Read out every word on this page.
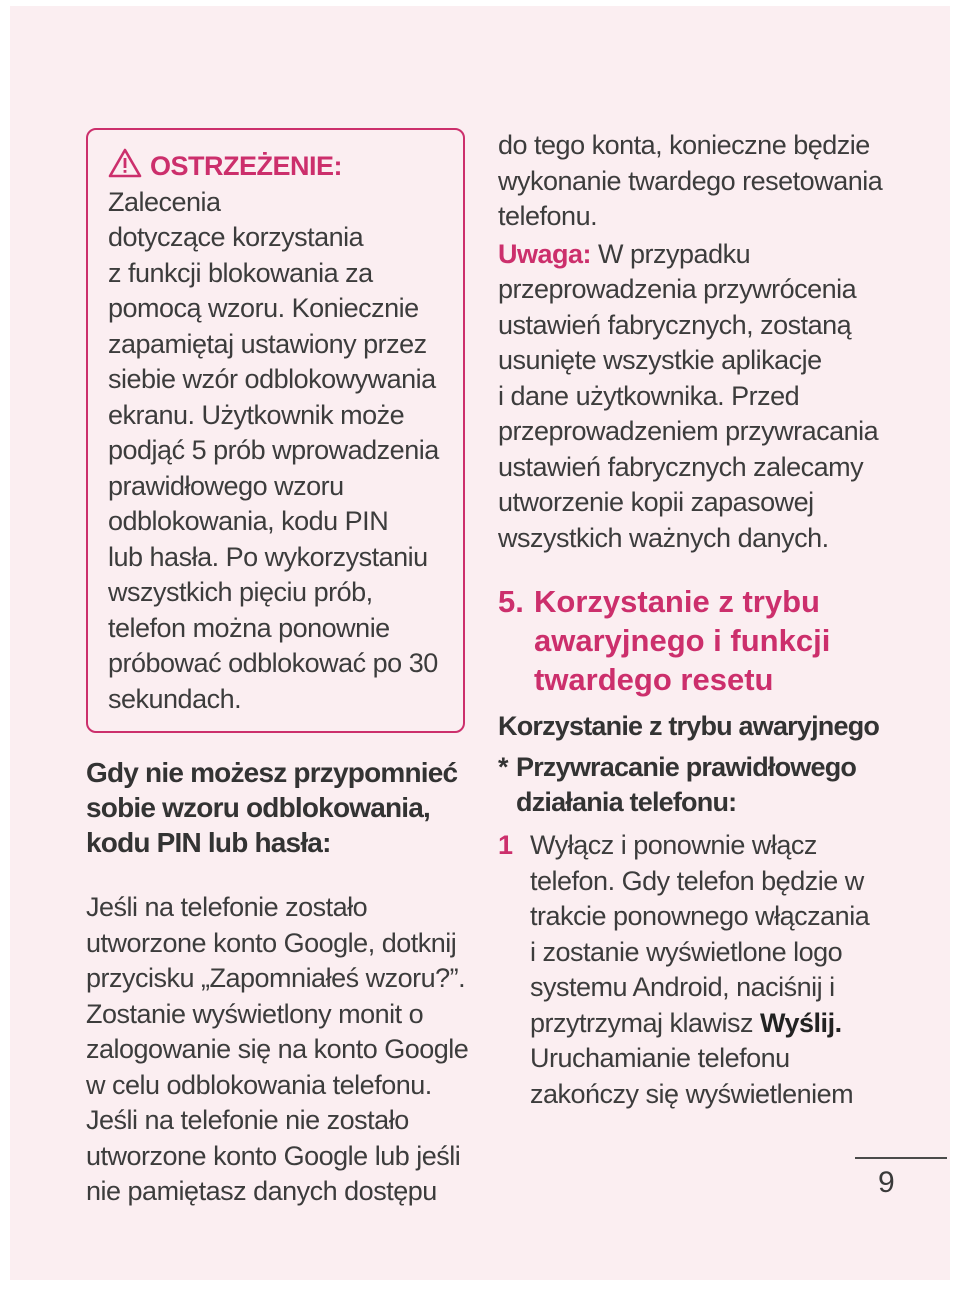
OSTRZEŻENIE: Zalecenia

dotyczące korzystania

z funkcji blokowania za

pomocą wzoru. Koniecznie

zapamiętaj ustawiony przez

siebie wzór odblokowywania

ekranu. Użytkownik może

podjąć 5 prób wprowadzenia

prawidłowego wzoru

odblokowania, kodu PIN

lub hasła. Po wykorzystaniu

wszystkich pięciu prób,

telefon można ponownie

próbować odblokować po 30

sekundach.

Gdy nie możesz przypomnieć

sobie wzoru odblokowania,

kodu PIN lub hasła:

Jeśli na telefonie zostało

utworzone konto Google, dotknij

przycisku „Zapomniałeś wzoru?”.

Zostanie wyświetlony monit o

zalogowanie się na konto Google

w celu odblokowania telefonu.

Jeśli na telefonie nie zostało

utworzone konto Google lub jeśli

nie pamiętasz danych dostępu

do tego konta, konieczne będzie

wykonanie twardego resetowania

telefonu.

Uwaga: W przypadku

przeprowadzenia przywrócenia

ustawień fabrycznych, zostaną

usunięte wszystkie aplikacje

i dane użytkownika. Przed

przeprowadzeniem przywracania

ustawień fabrycznych zalecamy

utworzenie kopii zapasowej

wszystkich ważnych danych.

5. Korzystanie z trybu
awaryjnego i funkcji
twardego resetu

Korzystanie z trybu awaryjnego

* Przywracanie prawidłowego

działania telefonu:

1 Wyłącz i ponownie włącz

telefon. Gdy telefon będzie w

trakcie ponownego włączania

i zostanie wyświetlone logo

systemu Android, naciśnij i

przytrzymaj klawisz Wyślij.

Uruchamianie telefonu

zakończy się wyświetleniem

9
